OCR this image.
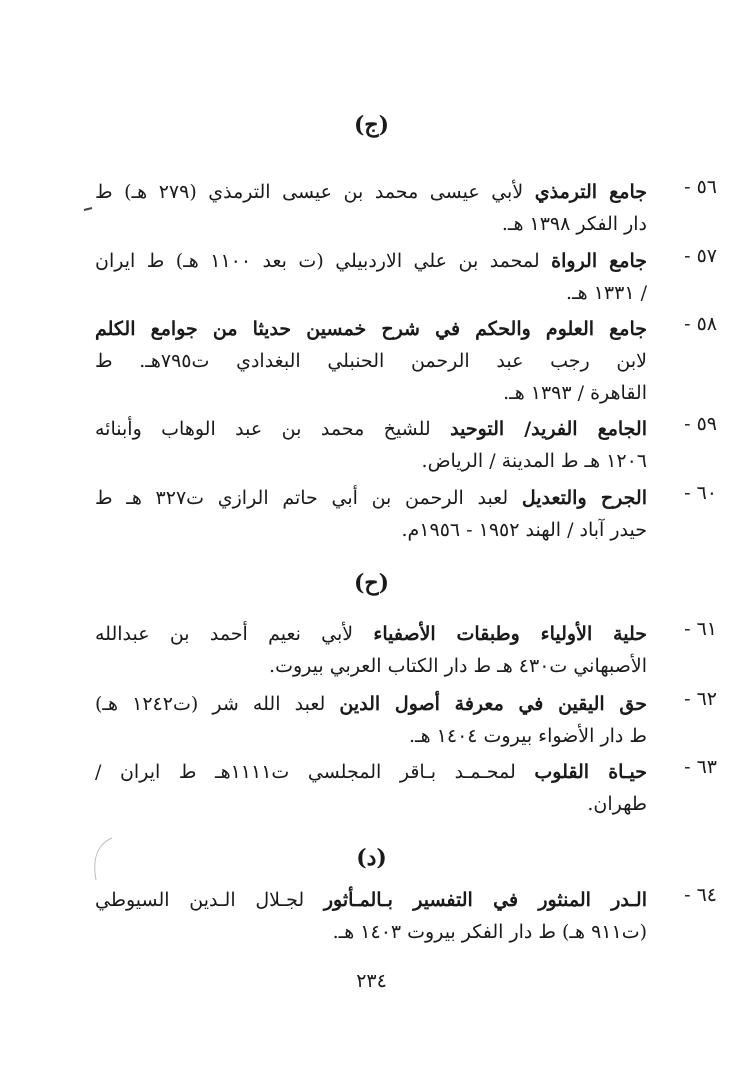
(ج)
٥٦ -
جامع الترمذي لأبي عيسى محمد بن عيسى الترمذي (٢٧٩ هـ) ط
دار الفكر ١٣٩٨ هـ.
٥٧ -
جامع الرواة لمحمد بن علي الاردبيلي (ت بعد ١١٠٠ هـ) ط ايران
/ ١٣٣١ هـ.
٥٨ -
جامع العلوم والحكم في شرح خمسين حديثا من جوامع الكلم
لابن رجب عبد الرحمن الحنبلي البغدادي ت٧٩٥هـ. ط
القاهرة / ١٣٩٣ هـ.
٥٩ -
الجامع الفريد/ التوحيد للشيخ محمد بن عبد الوهاب وأبنائه
١٢٠٦ هـ ط المدينة / الرياض.
٦٠ -
الجرح والتعديل لعبد الرحمن بن أبي حاتم الرازي ت٣٢٧ هـ ط
حيدر آباد / الهند ١٩٥٢ - ١٩٥٦م.
(ح)
٦١ -
حلية الأولياء وطبقات الأصفياء لأبي نعيم أحمد بن عبدالله
الأصبهاني ت٤٣٠ هـ ط دار الكتاب العربي بيروت.
٦٢ -
حق اليقين في معرفة أصول الدين لعبد الله شر (ت١٢٤٢ هـ)
ط دار الأضواء بيروت ١٤٠٤ هـ.
٦٣ -
حيـاة القلوب لمحـمـد بـاقر المجلسي ت١١١١هـ ط ايران /
طهران.
(د)
٦٤ -
الـدر المنثور في التفسير بـالمـأثور لجـلال الـدين السيوطي
(ت٩١١ هـ) ط دار الفكر بيروت ١٤٠٣ هـ.
٢٣٤
